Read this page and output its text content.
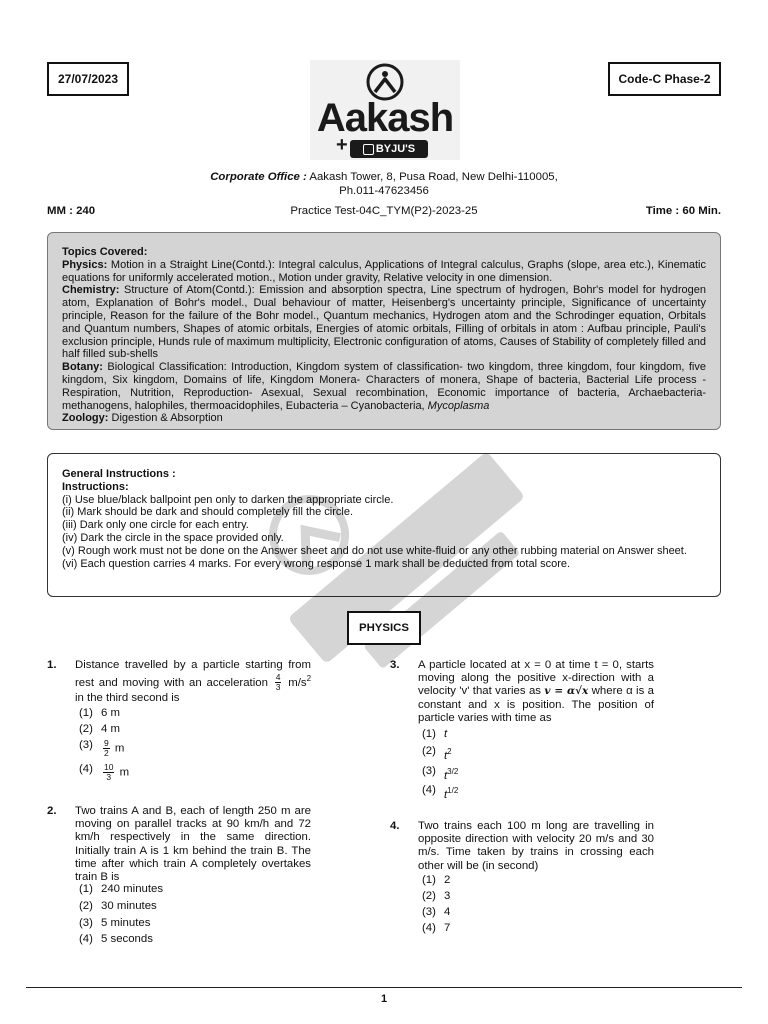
27/07/2023	Code-C Phase-2
Aakash
+	BYJU'S
Corporate Office : Aakash Tower, 8, Pusa Road, New Delhi-110005,
Ph.011-47623456
MM : 240	Practice Test-04C_TYM(P2)-2023-25	Time : 60 Min.

Topics Covered:

Physics: Motion in a Straight Line(Contd.): Integral calculus, Applications of Integral calculus, Graphs (slope, area etc.), Kinematic equations for uniformly accelerated motion., Motion under gravity, Relative velocity in one dimension.

Chemistry: Structure of Atom(Contd.): Emission and absorption spectra, Line spectrum of hydrogen, Bohr's model for hydrogen atom, Explanation of Bohr's model., Dual behaviour of matter, Heisenberg's uncertainty principle, Significance of uncertainty principle, Reason for the failure of the Bohr model., Quantum mechanics, Hydrogen atom and the Schrodinger equation, Orbitals and Quantum numbers, Shapes of atomic orbitals, Energies of atomic orbitals, Filling of orbitals in atom : Aufbau principle, Pauli's exclusion principle, Hunds rule of maximum multiplicity, Electronic configuration of atoms, Causes of Stability of completely filled and half filled sub-shells

Botany: Biological Classification: Introduction, Kingdom system of classification- two kingdom, three kingdom, four kingdom, five kingdom, Six kingdom, Domains of life, Kingdom Monera- Characters of monera, Shape of bacteria, Bacterial Life process - Respiration, Nutrition, Reproduction- Asexual, Sexual recombination, Economic importance of bacteria, Archaebacteria-methanogens, halophiles, thermoacidophiles, Eubacteria – Cyanobacteria, Mycoplasma

Zoology: Digestion & Absorption

General Instructions :

Instructions:

(i) Use blue/black ballpoint pen only to darken the appropriate circle.

(ii) Mark should be dark and should completely fill the circle.

(iii) Dark only one circle for each entry.

(iv) Dark the circle in the space provided only.

(v) Rough work must not be done on the Answer sheet and do not use white-fluid or any other rubbing material on Answer sheet.

(vi) Each question carries 4 marks. For every wrong response 1 mark shall be deducted from total score.

PHYSICS
1. Distance travelled by a particle starting from rest and moving with an acceleration $\frac{4}{3} m/s^2$ in the third second is
(1) 6 m
(2) 4 m
$(3) \frac{9}{2}$ m
$(4) \frac{10}{3}$ m
2. Two trains A and B, each of length 250 m are moving on parallel tracks at 90 km/h and 72 km/h respectively in the same direction. Initially train A is 1 km behind the train B. The time after which train A completely overtakes train B is
(1) 240 minutes
(2) 30 minutes
(3) 5 minutes
(4) 5 seconds
3. A particle located at x = 0 at time t = 0, starts moving along the positive x-direction with a velocity 'v' that varies as v = α√x where α is a constant and x is position. The position of particle varies with time as
(1) t
(2) $t^2$
(3) $t^{3/2}$
(4) $t^{1/2}$
4. Two trains each 100 m long are travelling in opposite direction with velocity 20 m/s and 30 m/s. Time taken by trains in crossing each other will be (in second)
(1) 2
(2) 3
(3) 4
(4) 7
1
